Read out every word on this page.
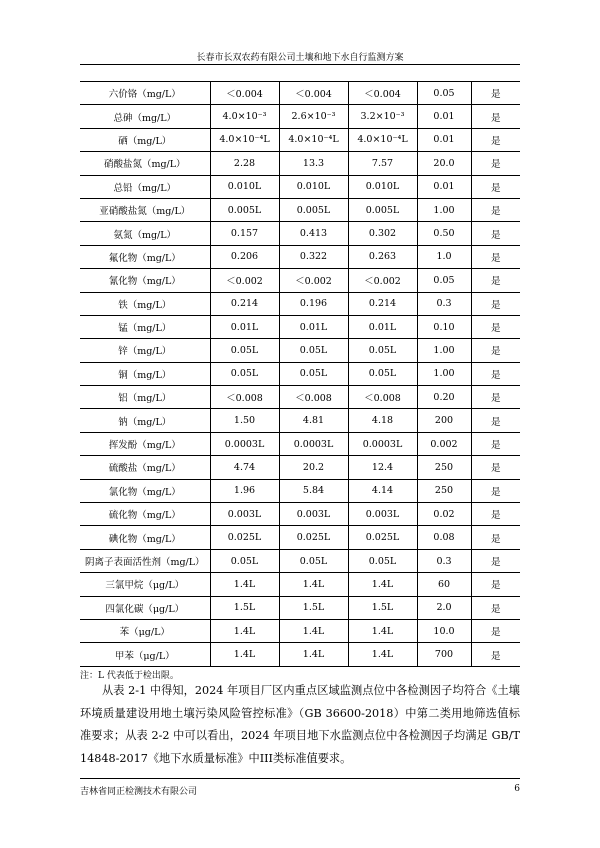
长春市长双农药有限公司土壤和地下水自行监测方案
六价铬（mg/L）	＜0.004	＜0.004	＜0.004	0.05	是
总砷（mg/L）	4.0×10⁻³	2.6×10⁻³	3.2×10⁻³	0.01	是
硒（mg/L）	4.0×10⁻⁴L	4.0×10⁻⁴L	4.0×10⁻⁴L	0.01	是
硝酸盐氮（mg/L）	2.28	13.3	7.57	20.0	是
总铅（mg/L）	0.010L	0.010L	0.010L	0.01	是
亚硝酸盐氮（mg/L）	0.005L	0.005L	0.005L	1.00	是
氨氮（mg/L）	0.157	0.413	0.302	0.50	是
氟化物（mg/L）	0.206	0.322	0.263	1.0	是
氰化物（mg/L）	＜0.002	＜0.002	＜0.002	0.05	是
铁（mg/L）	0.214	0.196	0.214	0.3	是
锰（mg/L）	0.01L	0.01L	0.01L	0.10	是
锌（mg/L）	0.05L	0.05L	0.05L	1.00	是
铜（mg/L）	0.05L	0.05L	0.05L	1.00	是
铝（mg/L）	＜0.008	＜0.008	＜0.008	0.20	是
钠（mg/L）	1.50	4.81	4.18	200	是
挥发酚（mg/L）	0.0003L	0.0003L	0.0003L	0.002	是
硫酸盐（mg/L）	4.74	20.2	12.4	250	是
氯化物（mg/L）	1.96	5.84	4.14	250	是
硫化物（mg/L）	0.003L	0.003L	0.003L	0.02	是
碘化物（mg/L）	0.025L	0.025L	0.025L	0.08	是
阴离子表面活性剂（mg/L）	0.05L	0.05L	0.05L	0.3	是
三氯甲烷（μg/L）	1.4L	1.4L	1.4L	60	是
四氯化碳（μg/L）	1.5L	1.5L	1.5L	2.0	是
苯（μg/L）	1.4L	1.4L	1.4L	10.0	是
甲苯（μg/L）	1.4L	1.4L	1.4L	700	是
注：L 代表低于检出限。
从表 2-1 中得知，2024 年项目厂区内重点区域监测点位中各检测因子均符合《土壤环境质量建设用地土壤污染风险管控标准》（GB 36600-2018）中第二类用地筛选值标准要求；从表 2-2 中可以看出，2024 年项目地下水监测点位中各检测因子均满足 GB/T 14848-2017《地下水质量标准》中III类标准值要求。
吉林省同正检测技术有限公司	6
